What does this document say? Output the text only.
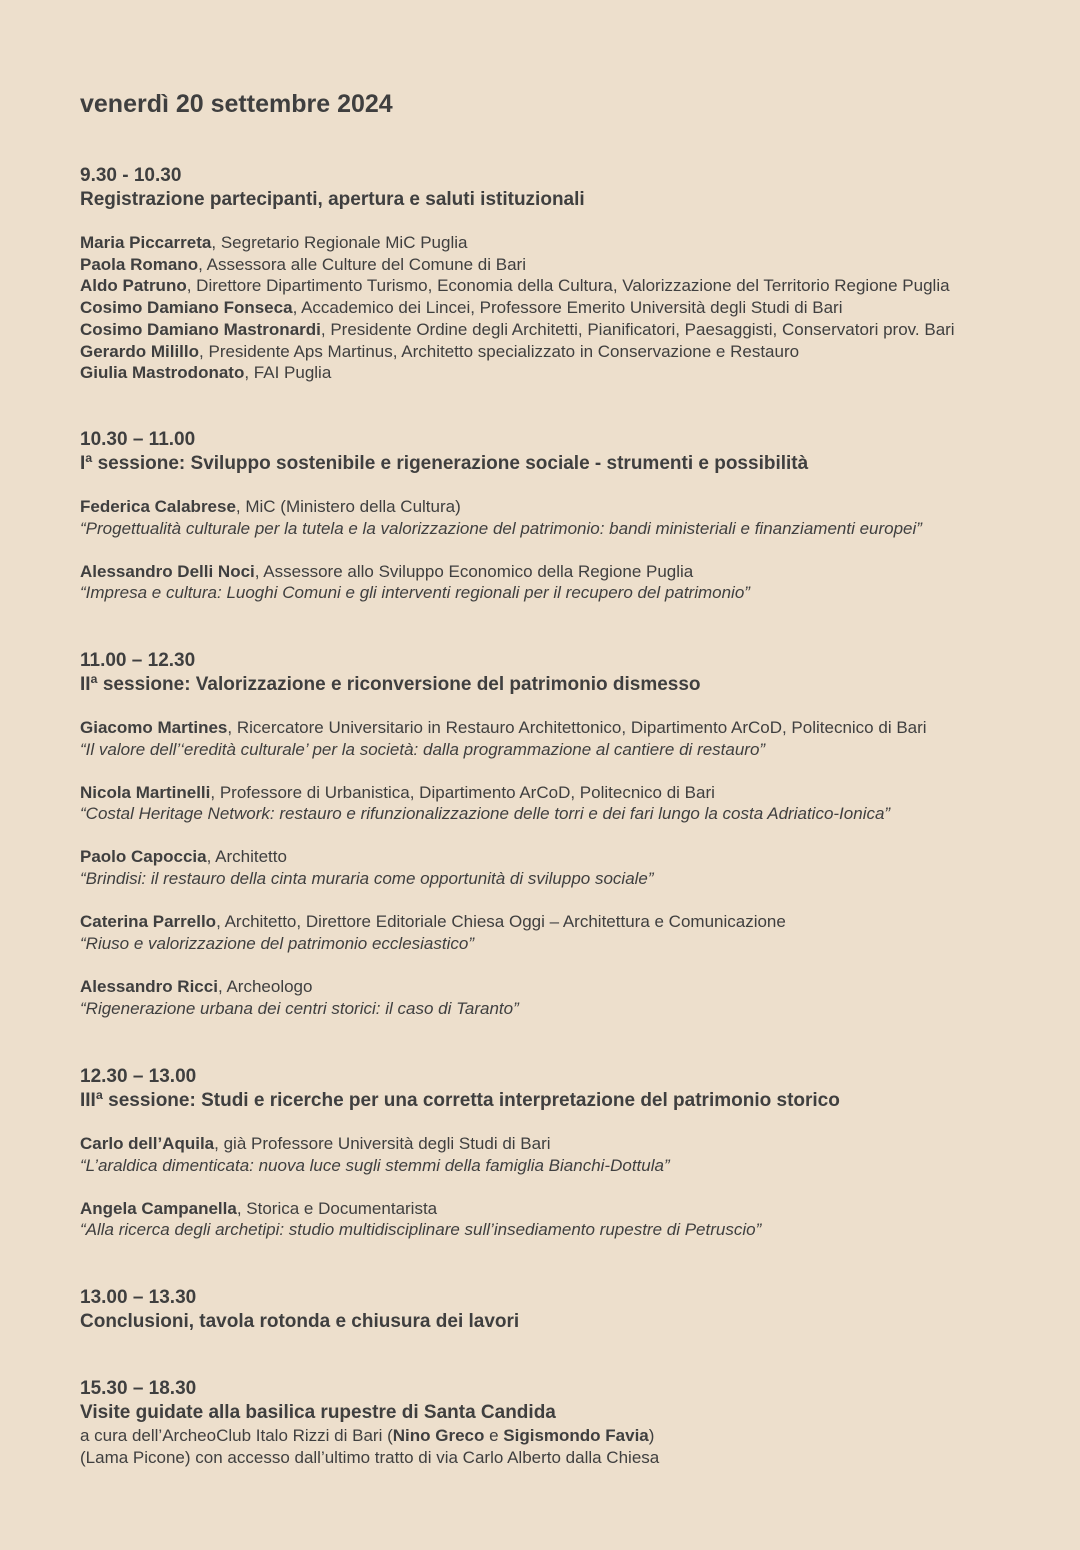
venerdì 20 settembre 2024
9.30 - 10.30
Registrazione partecipanti, apertura e saluti istituzionali
Maria Piccarreta, Segretario Regionale MiC Puglia
Paola Romano, Assessora alle Culture del Comune di Bari
Aldo Patruno, Direttore Dipartimento Turismo, Economia della Cultura, Valorizzazione del Territorio Regione Puglia
Cosimo Damiano Fonseca, Accademico dei Lincei, Professore Emerito Università degli Studi di Bari
Cosimo Damiano Mastronardi, Presidente Ordine degli Architetti, Pianificatori, Paesaggisti, Conservatori prov. Bari
Gerardo Milillo, Presidente Aps Martinus, Architetto specializzato in Conservazione e Restauro
Giulia Mastrodonato, FAI Puglia
10.30 – 11.00
Iª sessione: Sviluppo sostenibile e rigenerazione sociale - strumenti e possibilità
Federica Calabrese, MiC (Ministero della Cultura)
“Progettualità culturale per la tutela e la valorizzazione del patrimonio: bandi ministeriali e finanziamenti europei”
Alessandro Delli Noci, Assessore allo Sviluppo Economico della Regione Puglia
“Impresa e cultura: Luoghi Comuni e gli interventi regionali per il recupero del patrimonio”
11.00 – 12.30
IIª sessione: Valorizzazione e riconversione del patrimonio dismesso
Giacomo Martines, Ricercatore Universitario in Restauro Architettonico, Dipartimento ArCoD, Politecnico di Bari
“Il valore dell’‘eredità culturale’ per la società: dalla programmazione al cantiere di restauro”
Nicola Martinelli, Professore di Urbanistica, Dipartimento ArCoD, Politecnico di Bari
“Costal Heritage Network: restauro e rifunzionalizzazione delle torri e dei fari lungo la costa Adriatico-Ionica”
Paolo Capoccia, Architetto
“Brindisi: il restauro della cinta muraria come opportunità di sviluppo sociale”
Caterina Parrello, Architetto, Direttore Editoriale Chiesa Oggi – Architettura e Comunicazione
“Riuso e valorizzazione del patrimonio ecclesiastico”
Alessandro Ricci, Archeologo
“Rigenerazione urbana dei centri storici: il caso di Taranto”
12.30 – 13.00
IIIª sessione: Studi e ricerche per una corretta interpretazione del patrimonio storico
Carlo dell’Aquila, già Professore Università degli Studi di Bari
“L’araldica dimenticata: nuova luce sugli stemmi della famiglia Bianchi-Dottula”
Angela Campanella, Storica e Documentarista
“Alla ricerca degli archetipi: studio multidisciplinare sull’insediamento rupestre di Petruscio”
13.00 – 13.30
Conclusioni, tavola rotonda e chiusura dei lavori
15.30 – 18.30
Visite guidate alla basilica rupestre di Santa Candida
a cura dell’ArcheoClub Italo Rizzi di Bari (Nino Greco e Sigismondo Favia)
(Lama Picone) con accesso dall’ultimo tratto di via Carlo Alberto dalla Chiesa
